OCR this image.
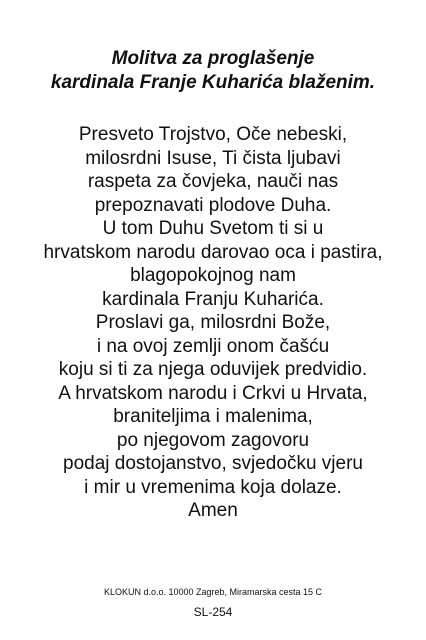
Molitva za proglašenje
kardinala Franje Kuharića blaženim.
Presveto Trojstvo, Oče nebeski,
milosrdni Isuse, Ti čista ljubavi
raspeta za čovjeka, nauči nas
prepoznavati plodove Duha.
U tom Duhu Svetom ti si u
hrvatskom narodu darovao oca i pastira,
blagopokojnog nam
kardinala Franju Kuharića.
Proslavi ga, milosrdni Bože,
i na ovoj zemlji onom čašću
koju si ti za njega oduvijek predvidio.
A hrvatskom narodu i Crkvi u Hrvata,
braniteljima i malenima,
po njegovom zagovoru
podaj dostojanstvo, svjedočku vjeru
i mir u vremenima koja dolaze.
Amen
KLOKUN d.o.o. 10000 Zagreb, Miramarska cesta 15 C
SL-254
